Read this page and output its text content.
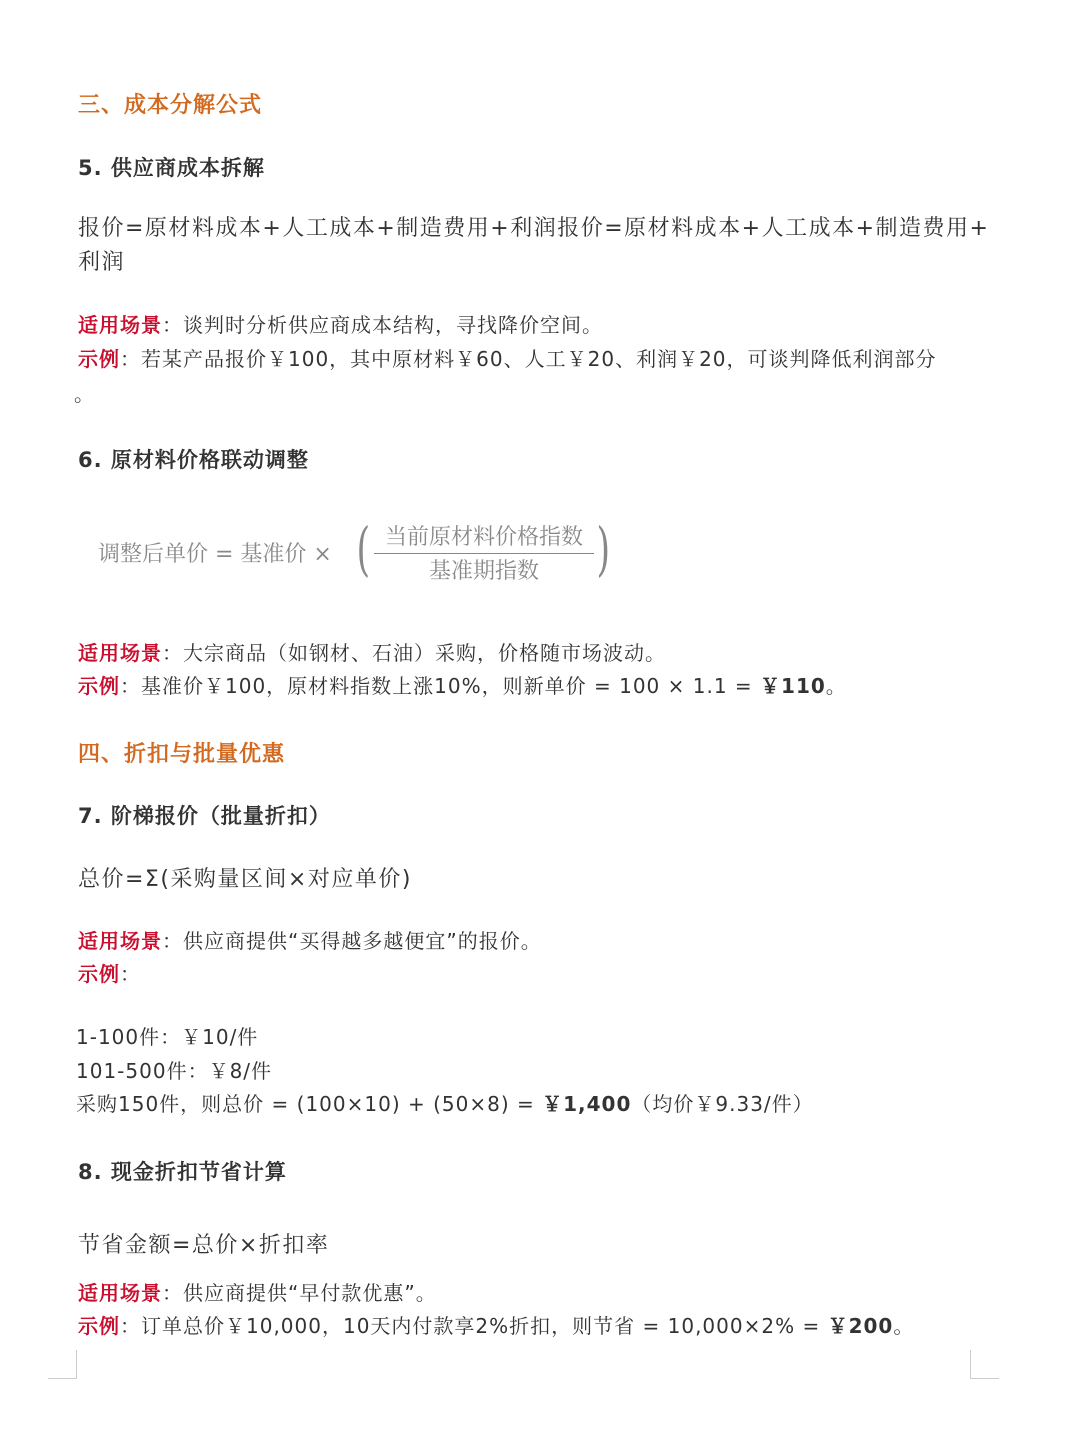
三、成本分解公式
5. 供应商成本拆解
报价=原材料成本+人工成本+制造费用+利润报价=原材料成本+人工成本+制造费用+
利润
适用场景：谈判时分析供应商成本结构，寻找降价空间。
示例：若某产品报价￥100，其中原材料￥60、人工￥20、利润￥20，可谈判降低利润部分
。
6. 原材料价格联动调整
调整后单价 = 基准价 × ( 当前原材料价格指数
基准期指数 )
适用场景：大宗商品（如钢材、石油）采购，价格随市场波动。
示例：基准价￥100，原材料指数上涨10%，则新单价 = 100 × 1.1 = ￥110。
四、折扣与批量优惠
7. 阶梯报价（批量折扣）
总价=Σ(采购量区间×对应单价)
适用场景：供应商提供“买得越多越便宜”的报价。
示例：
1-100件：￥10/件
101-500件：￥8/件
采购150件，则总价 = (100×10) + (50×8) = ￥1,400（均价￥9.33/件）
8. 现金折扣节省计算
节省金额=总价×折扣率
适用场景：供应商提供“早付款优惠”。
示例：订单总价￥10,000，10天内付款享2%折扣，则节省 = 10,000×2% = ￥200。
